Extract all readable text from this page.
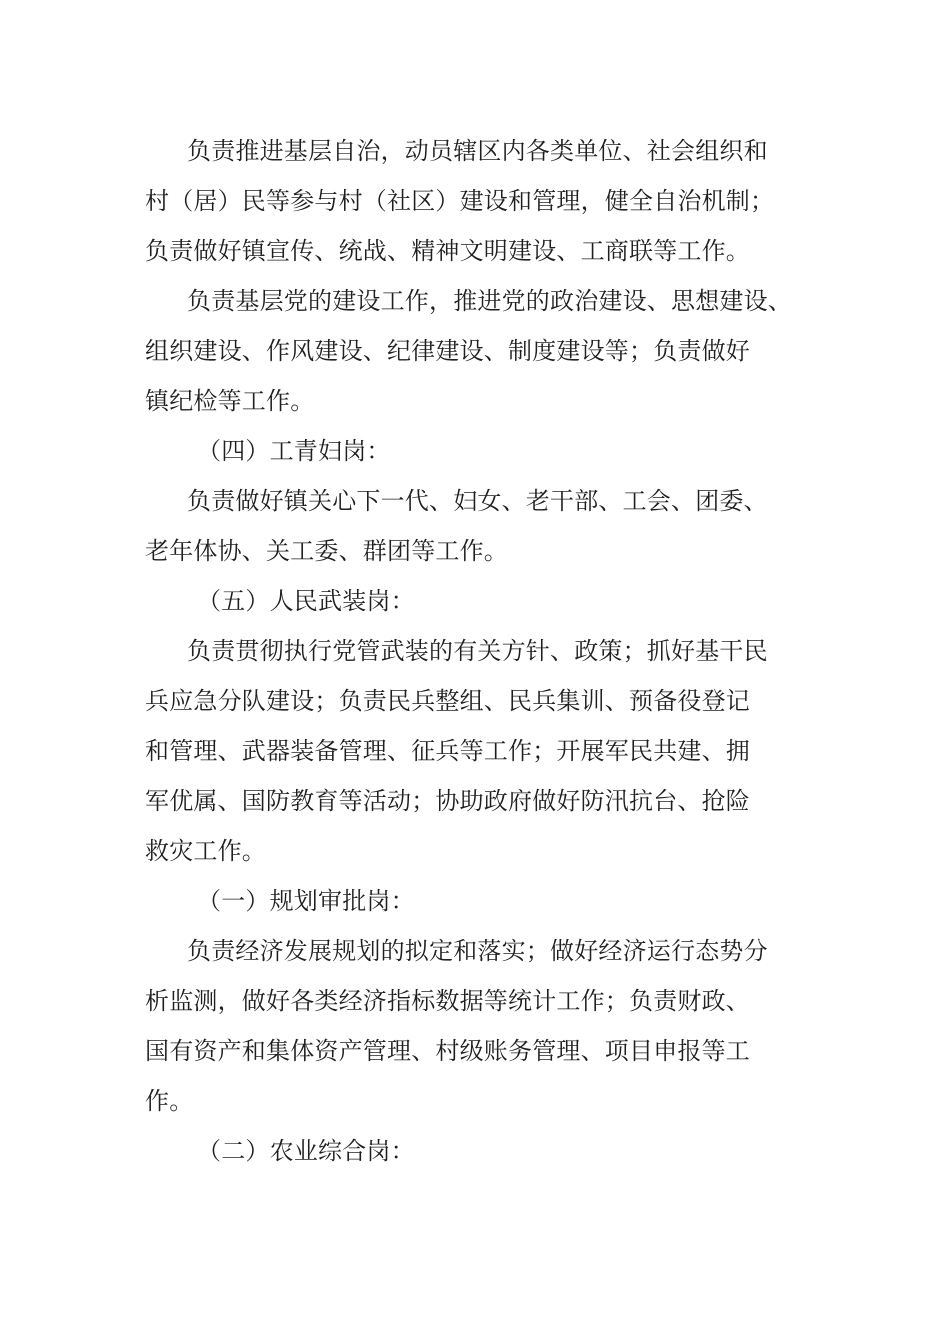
负责推进基层自治，动员辖区内各类单位、社会组织和
村（居）民等参与村（社区）建设和管理，健全自治机制；
负责做好镇宣传、统战、精神文明建设、工商联等工作。
负责基层党的建设工作，推进党的政治建设、思想建设、
组织建设、作风建设、纪律建设、制度建设等；负责做好
镇纪检等工作。
（四）工青妇岗：
负责做好镇关心下一代、妇女、老干部、工会、团委、
老年体协、关工委、群团等工作。
（五）人民武装岗：
负责贯彻执行党管武装的有关方针、政策；抓好基干民
兵应急分队建设；负责民兵整组、民兵集训、预备役登记
和管理、武器装备管理、征兵等工作；开展军民共建、拥
军优属、国防教育等活动；协助政府做好防汛抗台、抢险
救灾工作。
（一）规划审批岗：
负责经济发展规划的拟定和落实；做好经济运行态势分
析监测，做好各类经济指标数据等统计工作；负责财政、
国有资产和集体资产管理、村级账务管理、项目申报等工
作。
（二）农业综合岗：
